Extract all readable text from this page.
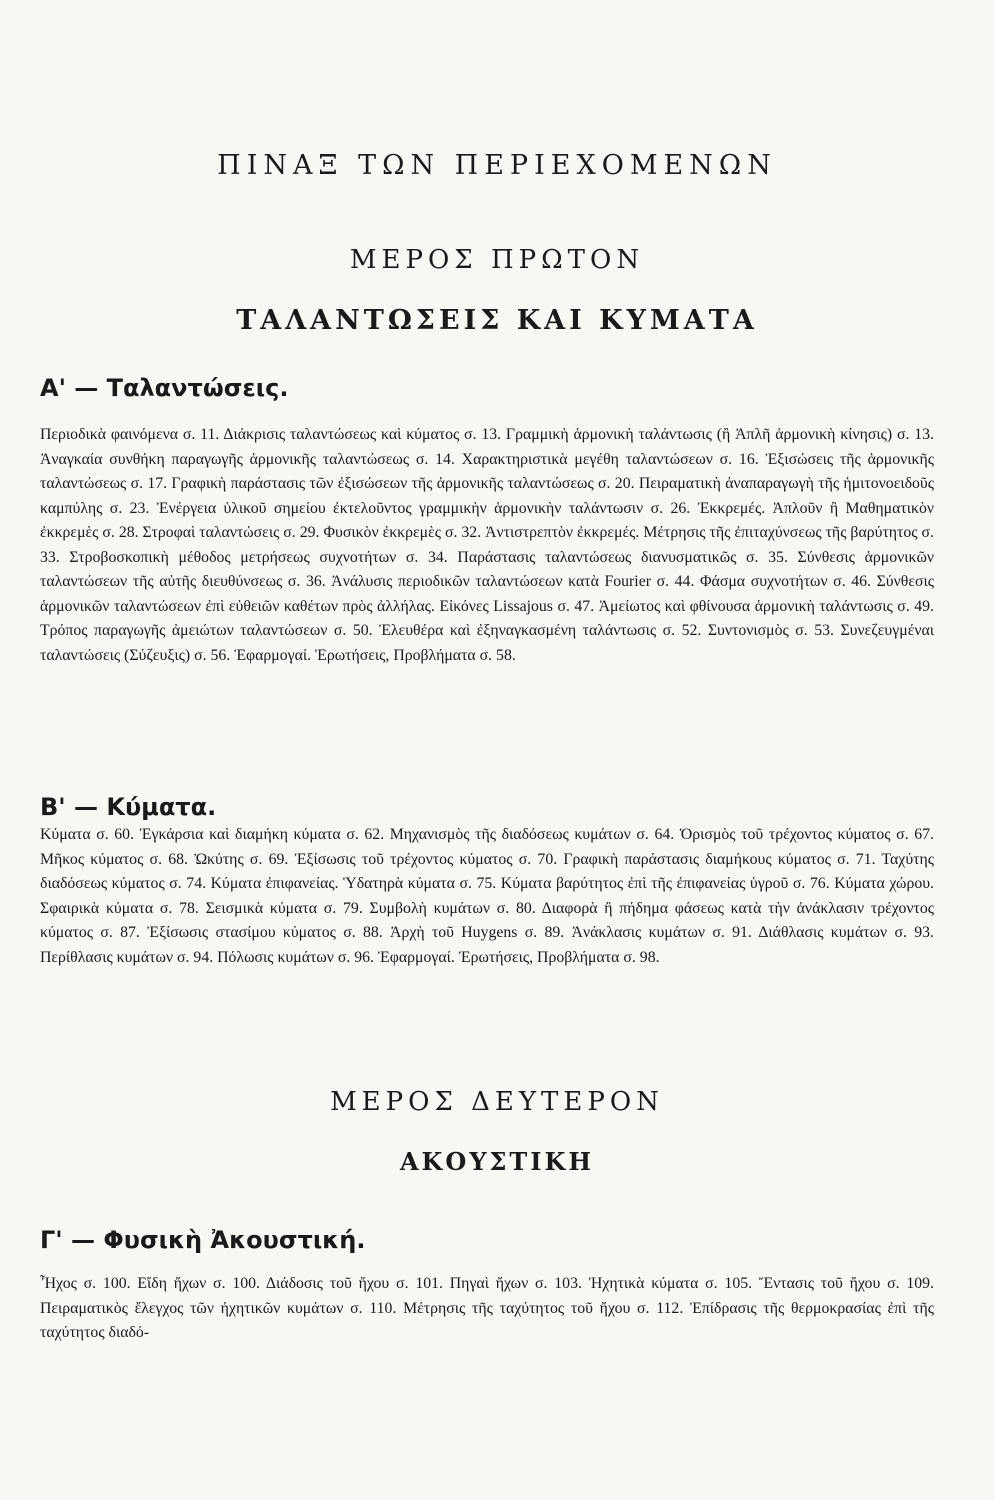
ΠΙΝΑΞ ΤΩΝ ΠΕΡΙΕΧΟΜΕΝΩΝ
ΜΕΡΟΣ ΠΡΩΤΟΝ
ΤΑΛΑΝΤΩΣΕΙΣ ΚΑΙ ΚΥΜΑΤΑ
Α' — Ταλαντώσεις.
Περιοδικὰ φαινόμενα σ. 11. Διάκρισις ταλαντώσεως καὶ κύματος σ. 13. Γραμμικὴ ἁρμονικὴ ταλάντωσις (ἢ Ἁπλῆ ἁρμονικὴ κίνησις) σ. 13. Ἀναγκαία συνθήκη παραγωγῆς ἁρμονικῆς ταλαντώσεως σ. 14. Χαρακτηριστικὰ μεγέθη ταλαντώσεων σ. 16. Ἐξισώσεις τῆς ἁρμονικῆς ταλαντώσεως σ. 17. Γραφικὴ παράστασις τῶν ἐξισώσεων τῆς ἁρμονικῆς ταλαντώσεως σ. 20. Πειραματικὴ ἀναπαραγωγὴ τῆς ἡμιτονοειδοῦς καμπύλης σ. 23. Ἐνέργεια ὑλικοῦ σημείου ἐκτελοῦντος γραμμικὴν ἁρμονικὴν ταλάντωσιν σ. 26. Ἐκκρεμές. Ἁπλοῦν ἢ Μαθηματικὸν ἐκκρεμὲς σ. 28. Στροφαὶ ταλαντώσεις σ. 29. Φυσικὸν ἐκκρεμὲς σ. 32. Ἀντιστρεπτὸν ἐκκρεμές. Μέτρησις τῆς ἐπιταχύνσεως τῆς βαρύτητος σ. 33. Στροβοσκοπικὴ μέθοδος μετρήσεως συχνοτήτων σ. 34. Παράστασις ταλαντώσεως διανυσματικῶς σ. 35. Σύνθεσις ἁρμονικῶν ταλαντώσεων τῆς αὐτῆς διευθύνσεως σ. 36. Ἀνάλυσις περιοδικῶν ταλαντώσεων κατὰ Fourier σ. 44. Φάσμα συχνοτήτων σ. 46. Σύνθεσις ἁρμονικῶν ταλαντώσεων ἐπὶ εὐθειῶν καθέτων πρὸς ἀλλήλας. Εἰκόνες Lissajous σ. 47. Ἀμείωτος καὶ φθίνουσα ἁρμονικὴ ταλάντωσις σ. 49. Τρόπος παραγωγῆς ἀμειώτων ταλαντώσεων σ. 50. Ἐλευθέρα καὶ ἐξηναγκασμένη ταλάντωσις σ. 52. Συντονισμὸς σ. 53. Συνεζευγμέναι ταλαντώσεις (Σύζευξις) σ. 56. Ἐφαρμογαί. Ἐρωτήσεις, Προβλήματα σ. 58.
Β' — Κύματα.
Κύματα σ. 60. Ἐγκάρσια καὶ διαμήκη κύματα σ. 62. Μηχανισμὸς τῆς διαδόσεως κυμάτων σ. 64. Ὁρισμὸς τοῦ τρέχοντος κύματος σ. 67. Μῆκος κύματος σ. 68. Ὠκύτης σ. 69. Ἐξίσωσις τοῦ τρέχοντος κύματος σ. 70. Γραφικὴ παράστασις διαμήκους κύματος σ. 71. Ταχύτης διαδόσεως κύματος σ. 74. Κύματα ἐπιφανείας. Ὑδατηρὰ κύματα σ. 75. Κύματα βαρύτητος ἐπὶ τῆς ἐπιφανείας ὑγροῦ σ. 76. Κύματα χώρου. Σφαιρικὰ κύματα σ. 78. Σεισμικὰ κύματα σ. 79. Συμβολὴ κυμάτων σ. 80. Διαφορὰ ἢ πήδημα φάσεως κατὰ τὴν ἀνάκλασιν τρέχοντος κύματος σ. 87. Ἐξίσωσις στασίμου κύματος σ. 88. Ἀρχὴ τοῦ Huygens σ. 89. Ἀνάκλασις κυμάτων σ. 91. Διάθλασις κυμάτων σ. 93. Περίθλασις κυμάτων σ. 94. Πόλωσις κυμάτων σ. 96. Ἐφαρμογαί. Ἐρωτήσεις, Προβλήματα σ. 98.
ΜΕΡΟΣ ΔΕΥΤΕΡΟΝ
ΑΚΟΥΣΤΙΚΗ
Γ' — Φυσικὴ Ἀκουστική.
Ἦχος σ. 100. Εἴδη ἤχων σ. 100. Διάδοσις τοῦ ἤχου σ. 101. Πηγαὶ ἤχων σ. 103. Ἠχητικὰ κύματα σ. 105. Ἔντασις τοῦ ἤχου σ. 109. Πειραματικὸς ἔλεγχος τῶν ἠχητικῶν κυμάτων σ. 110. Μέτρησις τῆς ταχύτητος τοῦ ἤχου σ. 112. Ἐπίδρασις τῆς θερμοκρασίας ἐπὶ τῆς ταχύτητος διαδό-
